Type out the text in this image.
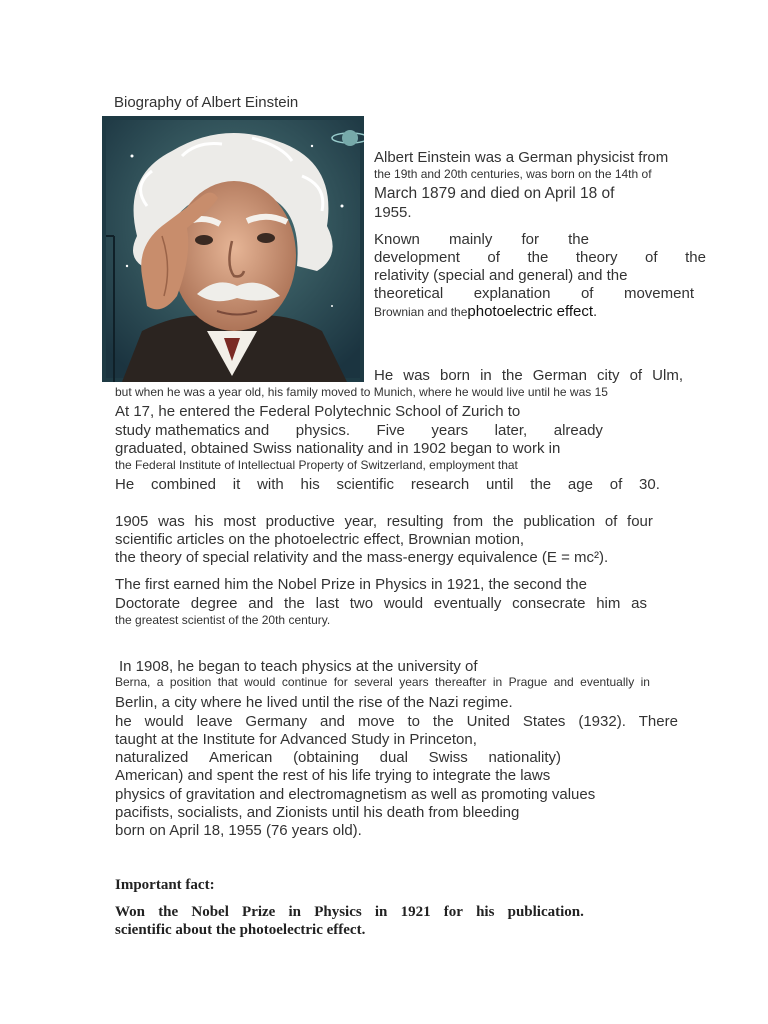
Biography of Albert Einstein
Albert Einstein was a German physicist from
the 19th and 20th centuries, was born on the 14th of
March 1879 and died on April 18 of
1955.
Known mainly for the
development of the theory of the
relativity (special and general) and the
theoretical explanation of movement
Brownian and thephotoelectric effect.
He was born in the German city of Ulm,
but when he was a year old, his family moved to Munich, where he would live until he was 15
At 17, he entered the Federal Polytechnic School of Zurich to
study mathematics and physics. Five years later, already
graduated, obtained Swiss nationality and in 1902 began to work in
the Federal Institute of Intellectual Property of Switzerland, employment that
He combined it with his scientific research until the age of 30.
1905 was his most productive year, resulting from the publication of four
scientific articles on the photoelectric effect, Brownian motion,
the theory of special relativity and the mass-energy equivalence (E = mc²).
The first earned him the Nobel Prize in Physics in 1921, the second the
Doctorate degree and the last two would eventually consecrate him as
the greatest scientist of the 20th century.
In 1908, he began to teach physics at the university of
Berna, a position that would continue for several years thereafter in Prague and eventually in
Berlin, a city where he lived until the rise of the Nazi regime.
he would leave Germany and move to the United States (1932). There
taught at the Institute for Advanced Study in Princeton,
naturalized American (obtaining dual Swiss nationality)
American) and spent the rest of his life trying to integrate the laws
physics of gravitation and electromagnetism as well as promoting values
pacifists, socialists, and Zionists until his death from bleeding
born on April 18, 1955 (76 years old).
Important fact:
Won the Nobel Prize in Physics in 1921 for his publication.
scientific about the photoelectric effect.
